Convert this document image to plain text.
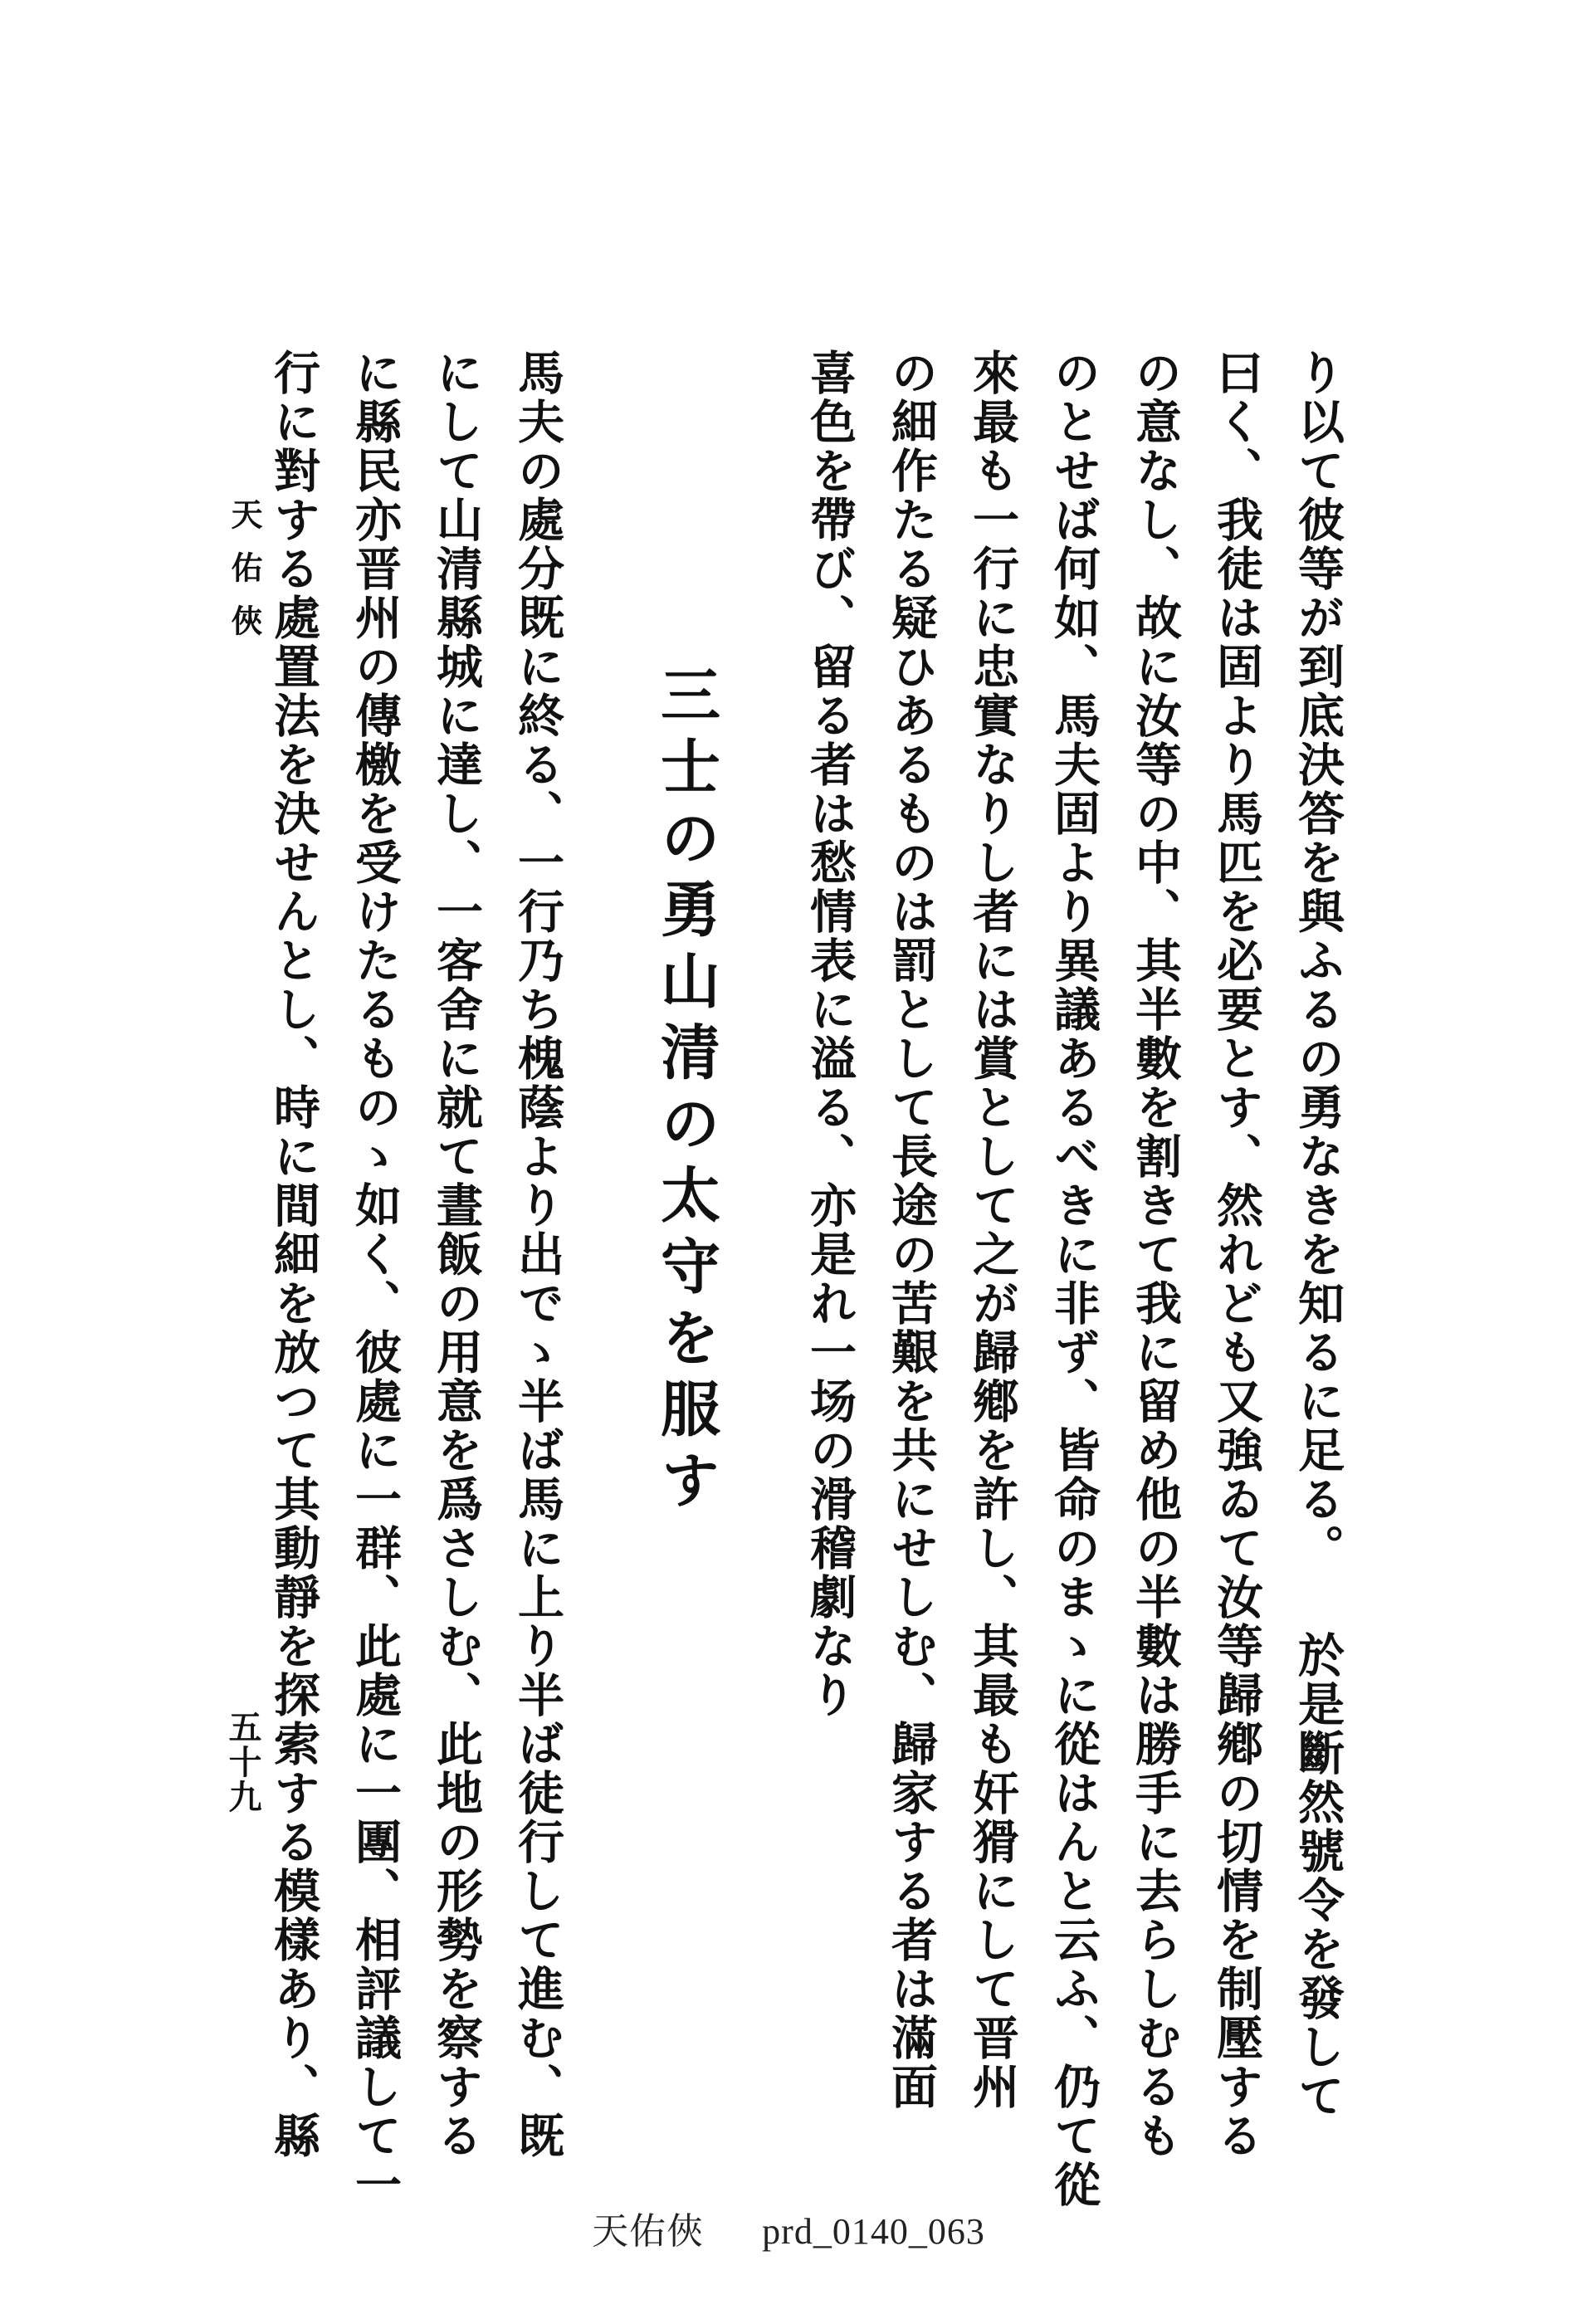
り以て彼等が到底決答を與ふるの勇なきを知るに足る。於是斷然號令を發して
曰く、我徒は固より馬匹を必要とす、然れども又強ゐて汝等歸鄕の切情を制壓する
の意なし、故に汝等の中、其半數を割きて我に留め他の半數は勝手に去らしむるも
のとせば何如、馬夫固より異議あるべきに非ず、皆命のまゝに從はんと云ふ、仍て從
來最も一行に忠實なりし者には賞として之が歸鄕を許し、其最も奸猾にして晋州
の細作たる疑ひあるものは罰として長途の苦艱を共にせしむ、歸家する者は滿面
喜色を帶び、留る者は愁情表に溢る、亦是れ一场の滑稽劇なり
三士の勇山清の太守を服す
馬夫の處分既に終る、一行乃ち槐蔭より出でゝ半ば馬に上り半ば徒行して進む、既
にして山清縣城に達し、一客舍に就て晝飯の用意を爲さしむ、此地の形勢を察する
に縣民亦晋州の傳檄を受けたるものゝ如く、彼處に一群、此處に一團、相評議して一
行に對する處置法を決せんとし、時に間細を放つて其動靜を探索する模樣あり、縣
天佑俠
五十九
天佑俠 prd_0140_063
